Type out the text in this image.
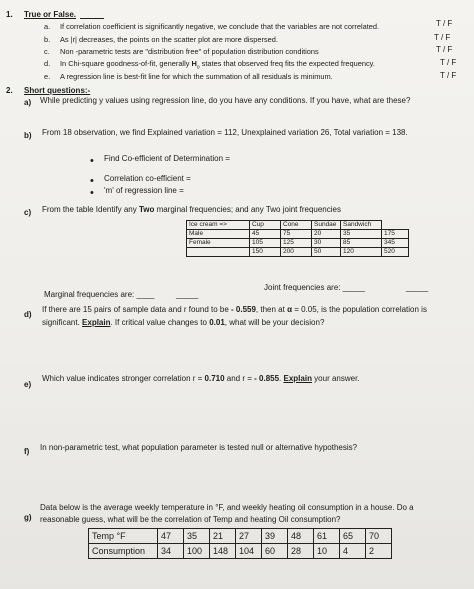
1. True or False.
a. If correlation coefficient is significantly negative, we conclude that the variables are not correlated.	T / F
b. As |r| decreases, the points on the scatter plot are more dispersed.	T / F
c. Non -parametric tests are "distribution free" of population distribution conditions	T / F
d. In Chi-square goodness-of-fit, generally $H_o$ states that observed freq fits the expected frequency.	T / F
e. A regression line is best-fit line for which the summation of all residuals is minimum.	T / F
2. Short questions:-
a) While predicting y values using regression line, do you have any conditions. If you have, what are these?
b) From 18 observation, we find Explained variation = 112, Unexplained variation 26, Total variation = 138.
• Find Co-efficient of Determination =
• Correlation co-efficient =
• 'm' of regression line =
c) From the table Identify any Two marginal frequencies; and any Two joint frequencies
Ice cream =>	Cup	Cone	Sundae	Sandwich	
Male	45	75	20	35	175
Female	105	125	30	85	345
	150	200	50	120	520
Marginal frequencies are: ____	_____
Joint frequencies are: _____	_____
d)
If there are 15 pairs of sample data and r found to be - 0.559, then at α = 0.05, is the population correlation is
significant. Explain. If critical value changes to 0.01, what will be your decision?
e)
Which value indicates stronger correlation r = 0.710 and r = - 0.855. Explain your answer.
f) In non-parametric test, what population parameter is tested null or alternative hypothesis?
g)
Data below is the average weekly temperature in °F, and weekly heating oil consumption in a house. Do a
reasonable guess, what will be the correlation of Temp and heating Oil consumption?
Temp °F	47	35	21	27	39	48	61	65	70
Consumption	34	100	148	104	60	28	10	4	2
